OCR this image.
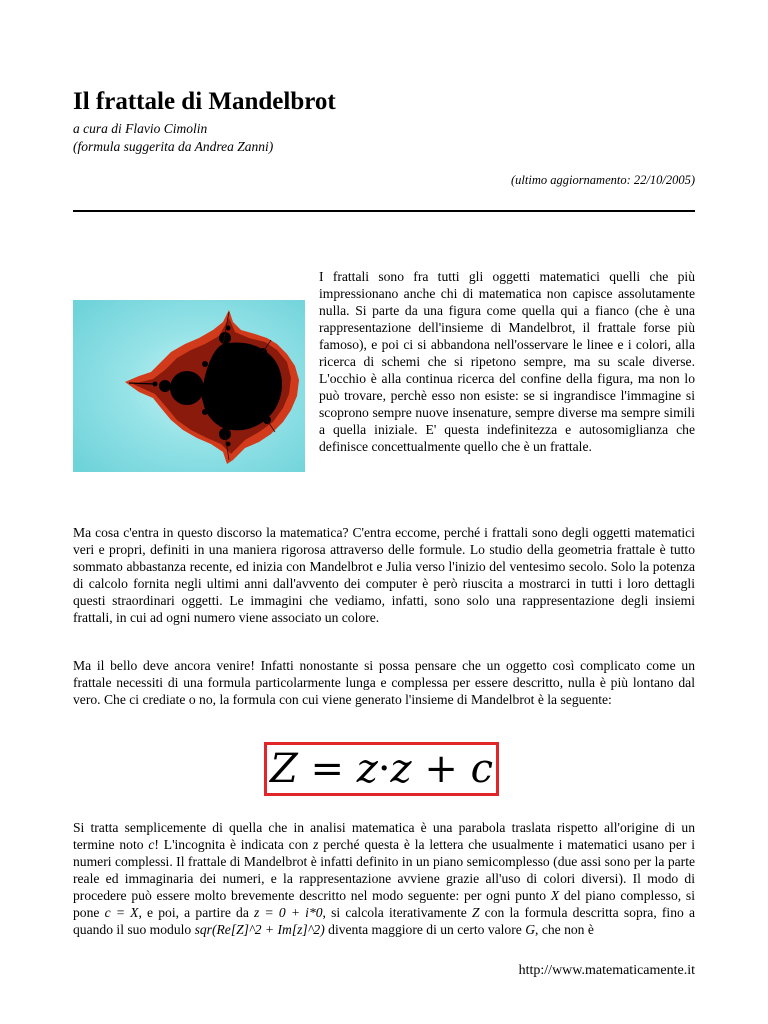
Il frattale di Mandelbrot
a cura di Flavio Cimolin
(formula suggerita da Andrea Zanni)
(ultimo aggiornamento: 22/10/2005)

I frattali sono fra tutti gli oggetti matematici quelli che più impressionano anche chi di matematica non capisce assolutamente nulla. Si parte da una figura come quella qui a fianco (che è una rappresentazione dell'insieme di Mandelbrot, il frattale forse più famoso), e poi ci si abbandona nell'osservare le linee e i colori, alla ricerca di schemi che si ripetono sempre, ma su scale diverse. L'occhio è alla continua ricerca del confine della figura, ma non lo può trovare, perchè esso non esiste: se si ingrandisce l'immagine si scoprono sempre nuove insenature, sempre diverse ma sempre simili a quella iniziale. E' questa indefinitezza e autosomiglianza che definisce concettualmente quello che è un frattale.

Ma cosa c'entra in questo discorso la matematica? C'entra eccome, perché i frattali sono degli oggetti matematici veri e propri, definiti in una maniera rigorosa attraverso delle formule. Lo studio della geometria frattale è tutto sommato abbastanza recente, ed inizia con Mandelbrot e Julia verso l'inizio del ventesimo secolo. Solo la potenza di calcolo fornita negli ultimi anni dall'avvento dei computer è però riuscita a mostrarci in tutti i loro dettagli questi straordinari oggetti. Le immagini che vediamo, infatti, sono solo una rappresentazione degli insiemi frattali, in cui ad ogni numero viene associato un colore.

Ma il bello deve ancora venire! Infatti nonostante si possa pensare che un oggetto così complicato come un frattale necessiti di una formula particolarmente lunga e complessa per essere descritto, nulla è più lontano dal vero. Che ci crediate o no, la formula con cui viene generato l'insieme di Mandelbrot è la seguente:

Z = z·z + c

Si tratta semplicemente di quella che in analisi matematica è una parabola traslata rispetto all'origine di un termine noto c! L'incognita è indicata con z perché questa è la lettera che usualmente i matematici usano per i numeri complessi. Il frattale di Mandelbrot è infatti definito in un piano semicomplesso (due assi sono per la parte reale ed immaginaria dei numeri, e la rappresentazione avviene grazie all'uso di colori diversi). Il modo di procedere può essere molto brevemente descritto nel modo seguente: per ogni punto X del piano complesso, si pone c = X, e poi, a partire da z = 0 + i*0, si calcola iterativamente Z con la formula descritta sopra, fino a quando il suo modulo sqr(Re[Z]^2 + Im[z]^2) diventa maggiore di un certo valore G, che non è

http://www.matematicamente.it
